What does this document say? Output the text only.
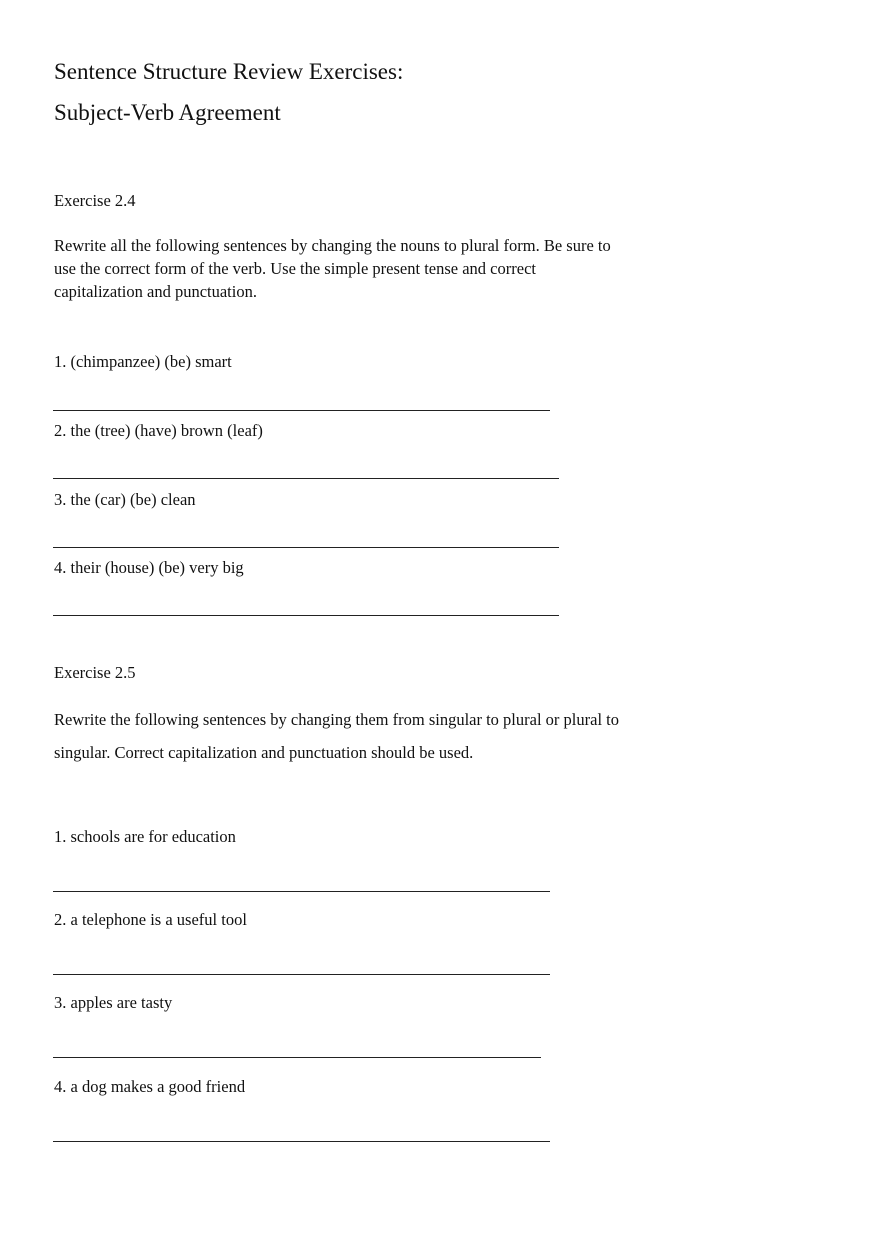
Sentence Structure Review Exercises:
Subject-Verb Agreement
Exercise 2.4
Rewrite all the following sentences by changing the nouns to plural form. Be sure to
use the correct form of the verb. Use the simple present tense and correct
capitalization and punctuation.
1. (chimpanzee) (be) smart
2. the (tree) (have) brown (leaf)
3. the (car) (be) clean
4. their (house) (be) very big
Exercise 2.5
Rewrite the following sentences by changing them from singular to plural or plural to
singular. Correct capitalization and punctuation should be used.
1. schools are for education
2. a telephone is a useful tool
3. apples are tasty
4. a dog makes a good friend
